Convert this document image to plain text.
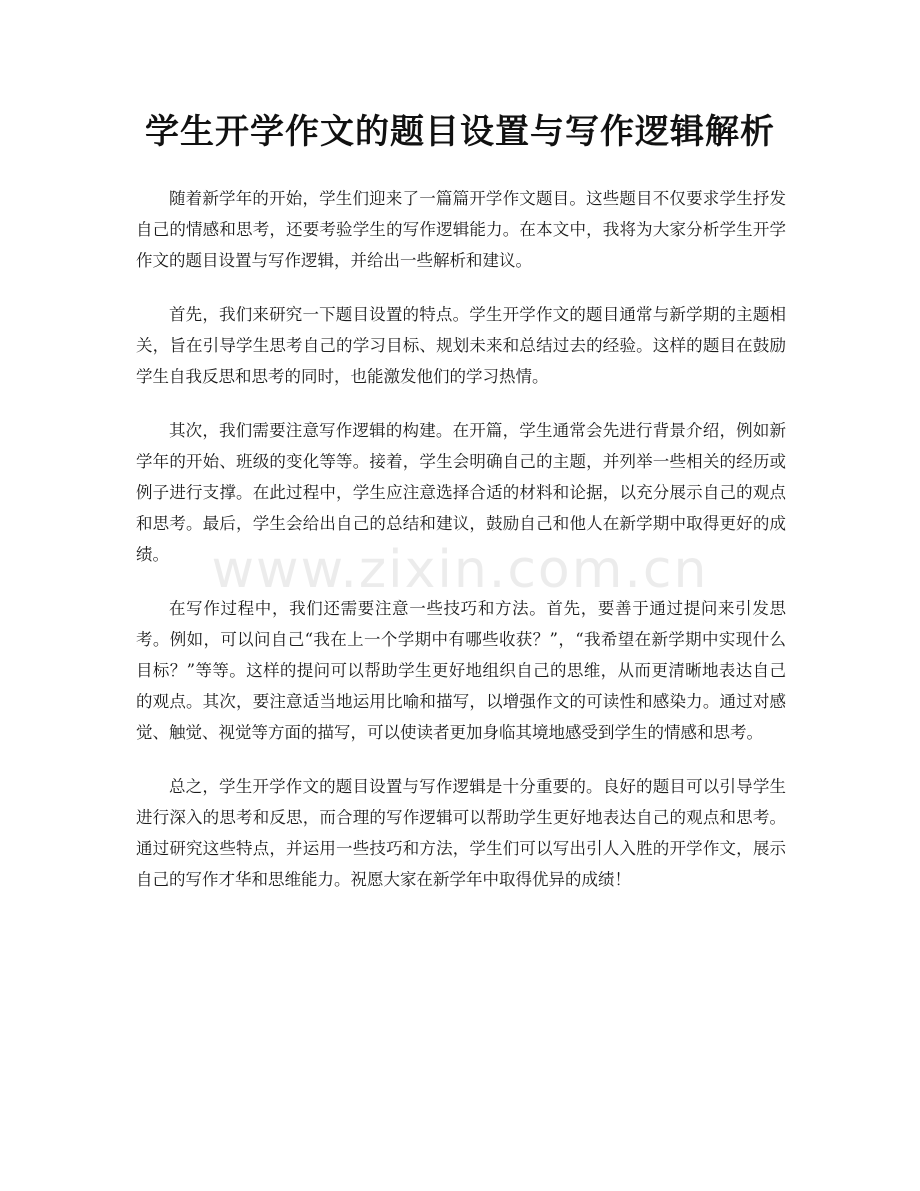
学生开学作文的题目设置与写作逻辑解析

随着新学年的开始，学生们迎来了一篇篇开学作文题目。这些题目不仅要求学生抒发自己的情感和思考，还要考验学生的写作逻辑能力。在本文中，我将为大家分析学生开学作文的题目设置与写作逻辑，并给出一些解析和建议。

首先，我们来研究一下题目设置的特点。学生开学作文的题目通常与新学期的主题相关，旨在引导学生思考自己的学习目标、规划未来和总结过去的经验。这样的题目在鼓励学生自我反思和思考的同时，也能激发他们的学习热情。

其次，我们需要注意写作逻辑的构建。在开篇，学生通常会先进行背景介绍，例如新学年的开始、班级的变化等等。接着，学生会明确自己的主题，并列举一些相关的经历或例子进行支撑。在此过程中，学生应注意选择合适的材料和论据，以充分展示自己的观点和思考。最后，学生会给出自己的总结和建议，鼓励自己和他人在新学期中取得更好的成绩。

在写作过程中，我们还需要注意一些技巧和方法。首先，要善于通过提问来引发思考。例如，可以问自己“我在上一个学期中有哪些收获？”，“我希望在新学期中实现什么目标？”等等。这样的提问可以帮助学生更好地组织自己的思维，从而更清晰地表达自己的观点。其次，要注意适当地运用比喻和描写，以增强作文的可读性和感染力。通过对感觉、触觉、视觉等方面的描写，可以使读者更加身临其境地感受到学生的情感和思考。

总之，学生开学作文的题目设置与写作逻辑是十分重要的。良好的题目可以引导学生进行深入的思考和反思，而合理的写作逻辑可以帮助学生更好地表达自己的观点和思考。通过研究这些特点，并运用一些技巧和方法，学生们可以写出引人入胜的开学作文，展示自己的写作才华和思维能力。祝愿大家在新学年中取得优异的成绩！

www.zixin.com.cn
